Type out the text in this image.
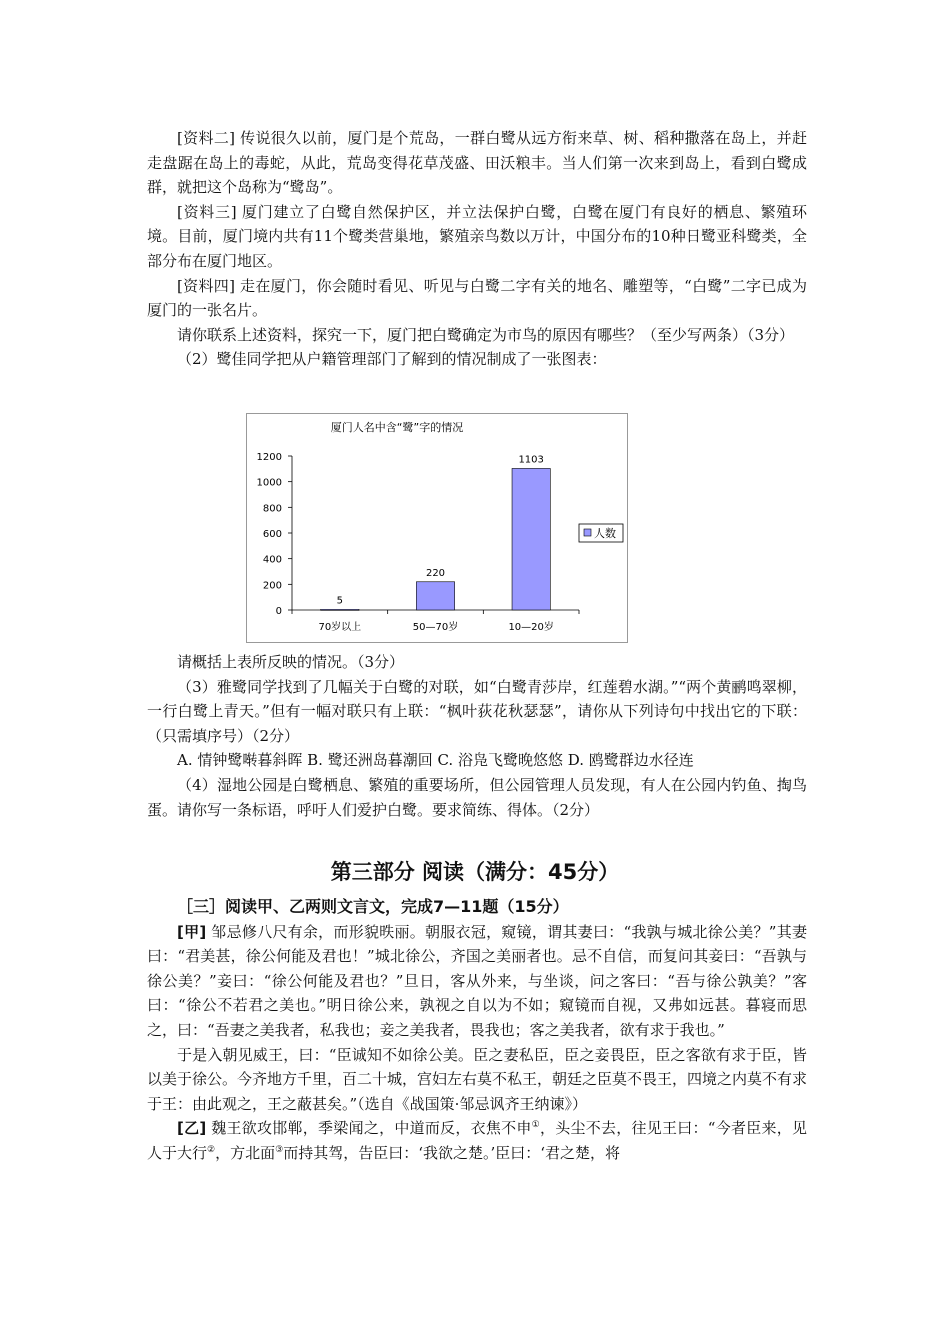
[资料二] 传说很久以前，厦门是个荒岛，一群白鹭从远方衔来草、树、稻种撒落在岛上，并赶走盘踞在岛上的毒蛇，从此，荒岛变得花草茂盛、田沃粮丰。当人们第一次来到岛上，看到白鹭成群，就把这个岛称为“鹭岛”。

[资料三] 厦门建立了白鹭自然保护区，并立法保护白鹭，白鹭在厦门有良好的栖息、繁殖环境。目前，厦门境内共有11个鹭类营巢地，繁殖亲鸟数以万计，中国分布的10种日鹭亚科鹭类，全部分布在厦门地区。

[资料四] 走在厦门，你会随时看见、听见与白鹭二字有关的地名、雕塑等，“白鹭”二字已成为厦门的一张名片。

请你联系上述资料，探究一下，厦门把白鹭确定为市鸟的原因有哪些？（至少写两条）（3分）

（2）鹭佳同学把从户籍管理部门了解到的情况制成了一张图表：

厦门人名中含“鹭”字的情况
0
200
400
600
800
1000
1200
5
220
1103
70岁以上	50—70岁	10—20岁
人数

请概括上表所反映的情况。（3分）

（3）雅鹭同学找到了几幅关于白鹭的对联，如“白鹭青莎岸，红莲碧水湖。”“两个黄鹂鸣翠柳，一行白鹭上青天。”但有一幅对联只有上联：“枫叶荻花秋瑟瑟”，请你从下列诗句中找出它的下联：（只需填序号）（2分）

A. 情钟鹭啭暮斜晖 B. 鹭还洲岛暮潮回 C. 浴凫飞鹭晚悠悠 D. 鸥鹭群边水径连

（4）湿地公园是白鹭栖息、繁殖的重要场所，但公园管理人员发现，有人在公园内钓鱼、掏鸟蛋。请你写一条标语，呼吁人们爱护白鹭。要求简练、得体。（2分）

第三部分 阅读（满分：45分）

［三］阅读甲、乙两则文言文，完成7—11题（15分）

[甲] 邹忌修八尺有余，而形貌昳丽。朝服衣冠，窥镜，谓其妻曰：“我孰与城北徐公美？”其妻曰：“君美甚，徐公何能及君也！”城北徐公，齐国之美丽者也。忌不自信，而复问其妾曰：“吾孰与徐公美？”妾曰：“徐公何能及君也？”旦日，客从外来，与坐谈，问之客曰：“吾与徐公孰美？”客曰：“徐公不若君之美也。”明日徐公来，孰视之自以为不如；窥镜而自视，又弗如远甚。暮寝而思之，曰：“吾妻之美我者，私我也；妾之美我者，畏我也；客之美我者，欲有求于我也。”

于是入朝见威王，曰：“臣诚知不如徐公美。臣之妻私臣，臣之妾畏臣，臣之客欲有求于臣，皆以美于徐公。今齐地方千里，百二十城，宫妇左右莫不私王，朝廷之臣莫不畏王，四境之内莫不有求于王：由此观之，王之蔽甚矣。”（选自《战国策·邹忌讽齐王纳谏》）

[乙] 魏王欲攻邯郸，季梁闻之，中道而反，衣焦不申①，头尘不去，往见王曰：“今者臣来，见人于大行②，方北面③而持其驾，告臣曰：‘我欲之楚。’臣曰：‘君之楚，将
